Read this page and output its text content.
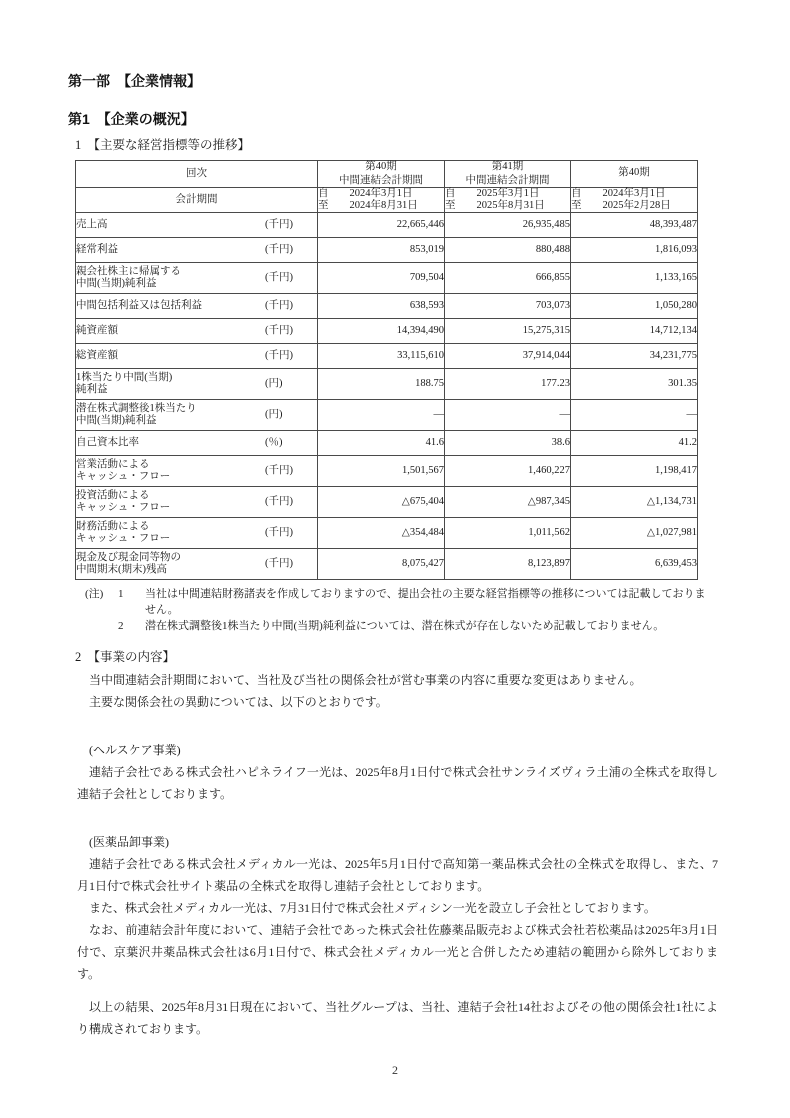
第一部　【企業情報】
第1　【企業の概況】
1　【主要な経営指標等の推移】
回次	
第40期
中間連結会計期間

第41期
中間連結会計期間

第40期

会計期間	
自　　2024年3月1日
至　　2024年8月31日

自　　2025年3月1日
至　　2025年8月31日

自　　2024年3月1日
至　　2025年2月28日

売上高 (千円)	22,665,446	26,935,485	48,393,487

経常利益 (千円)	853,019	880,488	1,816,093

親会社株主に帰属する
中間(当期)純利益
(千円)	709,504	666,855	1,133,165

中間包括利益又は包括利益 (千円)	638,593	703,073	1,050,280

純資産額 (千円)	14,394,490	15,275,315	14,712,134

総資産額 (千円)	33,115,610	37,914,044	34,231,775

1株当たり中間(当期)
純利益
(円)	188.75	177.23	301.35

潜在株式調整後1株当たり
中間(当期)純利益
(円)	―	―	―

自己資本比率 (％)	41.6	38.6	41.2

営業活動による
キャッシュ・フロー
(千円)	1,501,567	1,460,227	1,198,417

投資活動による
キャッシュ・フロー
(千円)	△675,404	△987,345	△1,134,731

財務活動による
キャッシュ・フロー
(千円)	△354,484	1,011,562	△1,027,981

現金及び現金同等物の
中間期末(期末)残高
(千円)	8,075,427	8,123,897	6,639,453
(注)	1	当社は中間連結財務諸表を作成しておりますので、提出会社の主要な経営指標等の推移については記載しておりません。
2	潜在株式調整後1株当たり中間(当期)純利益については、潜在株式が存在しないため記載しておりません。
2　【事業の内容】

当中間連結会計期間において、当社及び当社の関係会社が営む事業の内容に重要な変更はありません。

主要な関係会社の異動については、以下のとおりです。

(ヘルスケア事業)

連結子会社である株式会社ハピネライフ一光は、2025年8月1日付で株式会社サンライズヴィラ土浦の全株式を取得し連結子会社としております。

(医薬品卸事業)

連結子会社である株式会社メディカル一光は、2025年5月1日付で高知第一薬品株式会社の全株式を取得し、また、7月1日付で株式会社サイト薬品の全株式を取得し連結子会社としております。

また、株式会社メディカル一光は、7月31日付で株式会社メディシン一光を設立し子会社としております。

なお、前連結会計年度において、連結子会社であった株式会社佐藤薬品販売および株式会社若松薬品は2025年3月1日付で、京葉沢井薬品株式会社は6月1日付で、株式会社メディカル一光と合併したため連結の範囲から除外しております。

以上の結果、2025年8月31日現在において、当社グループは、当社、連結子会社14社およびその他の関係会社1社により構成されております。

2
